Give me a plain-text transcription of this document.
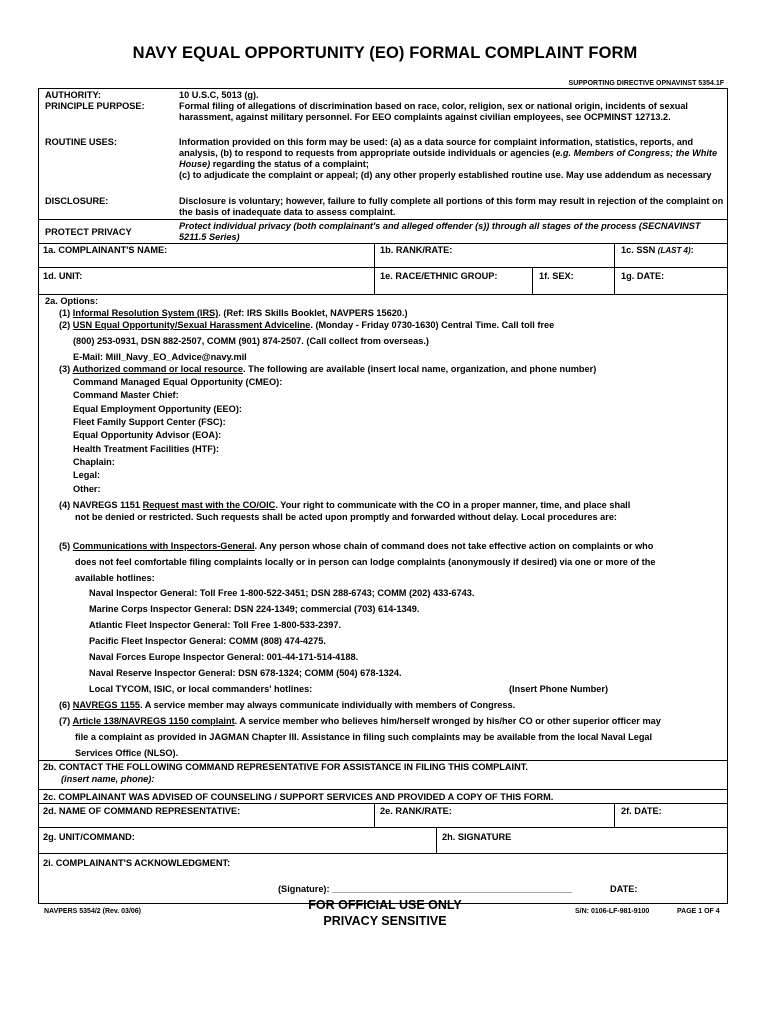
NAVY EQUAL OPPORTUNITY (EO) FORMAL COMPLAINT FORM
SUPPORTING DIRECTIVE OPNAVINST 5354.1F
AUTHORITY:	10 U.S.C, 5013 (g).
PRINCIPLE PURPOSE:	Formal filing of allegations of discrimination based on race, color, religion, sex or national origin, incidents of sexual harassment, against military personnel. For EEO complaints against civilian employees, see OCPMINST 12713.2.
ROUTINE USES:	Information provided on this form may be used: (a) as a data source for complaint information, statistics, reports, and analysis, (b) to respond to requests from appropriate outside individuals or agencies (e.g. Members of Congress; the White House) regarding the status of a complaint;
(c) to adjudicate the complaint or appeal; (d) any other properly established routine use. May use addendum as necessary
DISCLOSURE:	Disclosure is voluntary; however, failure to fully complete all portions of this form may result in rejection of the complaint on the basis of inadequate data to assess complaint.
PROTECT PRIVACY
Protect individual privacy (both complainant's and alleged offender (s)) through all stages of the process (SECNAVINST 5211.5 Series)
1a. COMPLAINANT'S NAME:	1b. RANK/RATE:	1c. SSN (LAST 4):
1d. UNIT:	1e. RACE/ETHNIC GROUP:	1f. SEX:	1g. DATE:
2a. Options:
(1) Informal Resolution System (IRS). (Ref: IRS Skills Booklet, NAVPERS 15620.)
(2) USN Equal Opportunity/Sexual Harassment Adviceline. (Monday - Friday 0730-1630) Central Time. Call toll free
(800) 253-0931, DSN 882-2507, COMM (901) 874-2507. (Call collect from overseas.)
E-Mail: Mill_Navy_EO_Advice@navy.mil
(3) Authorized command or local resource. The following are available (insert local name, organization, and phone number)
Command Managed Equal Opportunity (CMEO):
Command Master Chief:
Equal Employment Opportunity (EEO):
Fleet Family Support Center (FSC):
Equal Opportunity Advisor (EOA):
Health Treatment Facilities (HTF):
Chaplain:
Legal:
Other:
(4) NAVREGS 1151 Request mast with the CO/OIC. Your right to communicate with the CO in a proper manner, time, and place shall
not be denied or restricted. Such requests shall be acted upon promptly and forwarded without delay. Local procedures are:
(5) Communications with Inspectors-General. Any person whose chain of command does not take effective action on complaints or who
does not feel comfortable filing complaints locally or in person can lodge complaints (anonymously if desired) via one or more of the
available hotlines:
Naval Inspector General: Toll Free 1-800-522-3451; DSN 288-6743; COMM (202) 433-6743.
Marine Corps Inspector General: DSN 224-1349; commercial (703) 614-1349.
Atlantic Fleet Inspector General: Toll Free 1-800-533-2397.
Pacific Fleet Inspector General: COMM (808) 474-4275.
Naval Forces Europe Inspector General: 001-44-171-514-4188.
Naval Reserve Inspector General: DSN 678-1324; COMM (504) 678-1324.
Local TYCOM, ISIC, or local commanders' hotlines:	(Insert Phone Number)
(6) NAVREGS 1155. A service member may always communicate individually with members of Congress.
(7) Article 138/NAVREGS 1150 complaint. A service member who believes him/herself wronged by his/her CO or other superior officer may
file a complaint as provided in JAGMAN Chapter III. Assistance in filing such complaints may be available from the local Naval Legal
Services Office (NLSO).
2b. CONTACT THE FOLLOWING COMMAND REPRESENTATIVE FOR ASSISTANCE IN FILING THIS COMPLAINT.
(insert name, phone):
2c. COMPLAINANT WAS ADVISED OF COUNSELING / SUPPORT SERVICES AND PROVIDED A COPY OF THIS FORM.
2d. NAME OF COMMAND REPRESENTATIVE:	2e. RANK/RATE:	2f. DATE:
2g. UNIT/COMMAND:	2h. SIGNATURE
2i. COMPLAINANT'S ACKNOWLEDGMENT:
(Signature): _______________________________________________	DATE:
NAVPERS 5354/2 (Rev. 03/06)	FOR OFFICIAL USE ONLY
PRIVACY SENSITIVE
S/N: 0106-LF-981-9100	PAGE 1 OF 4
